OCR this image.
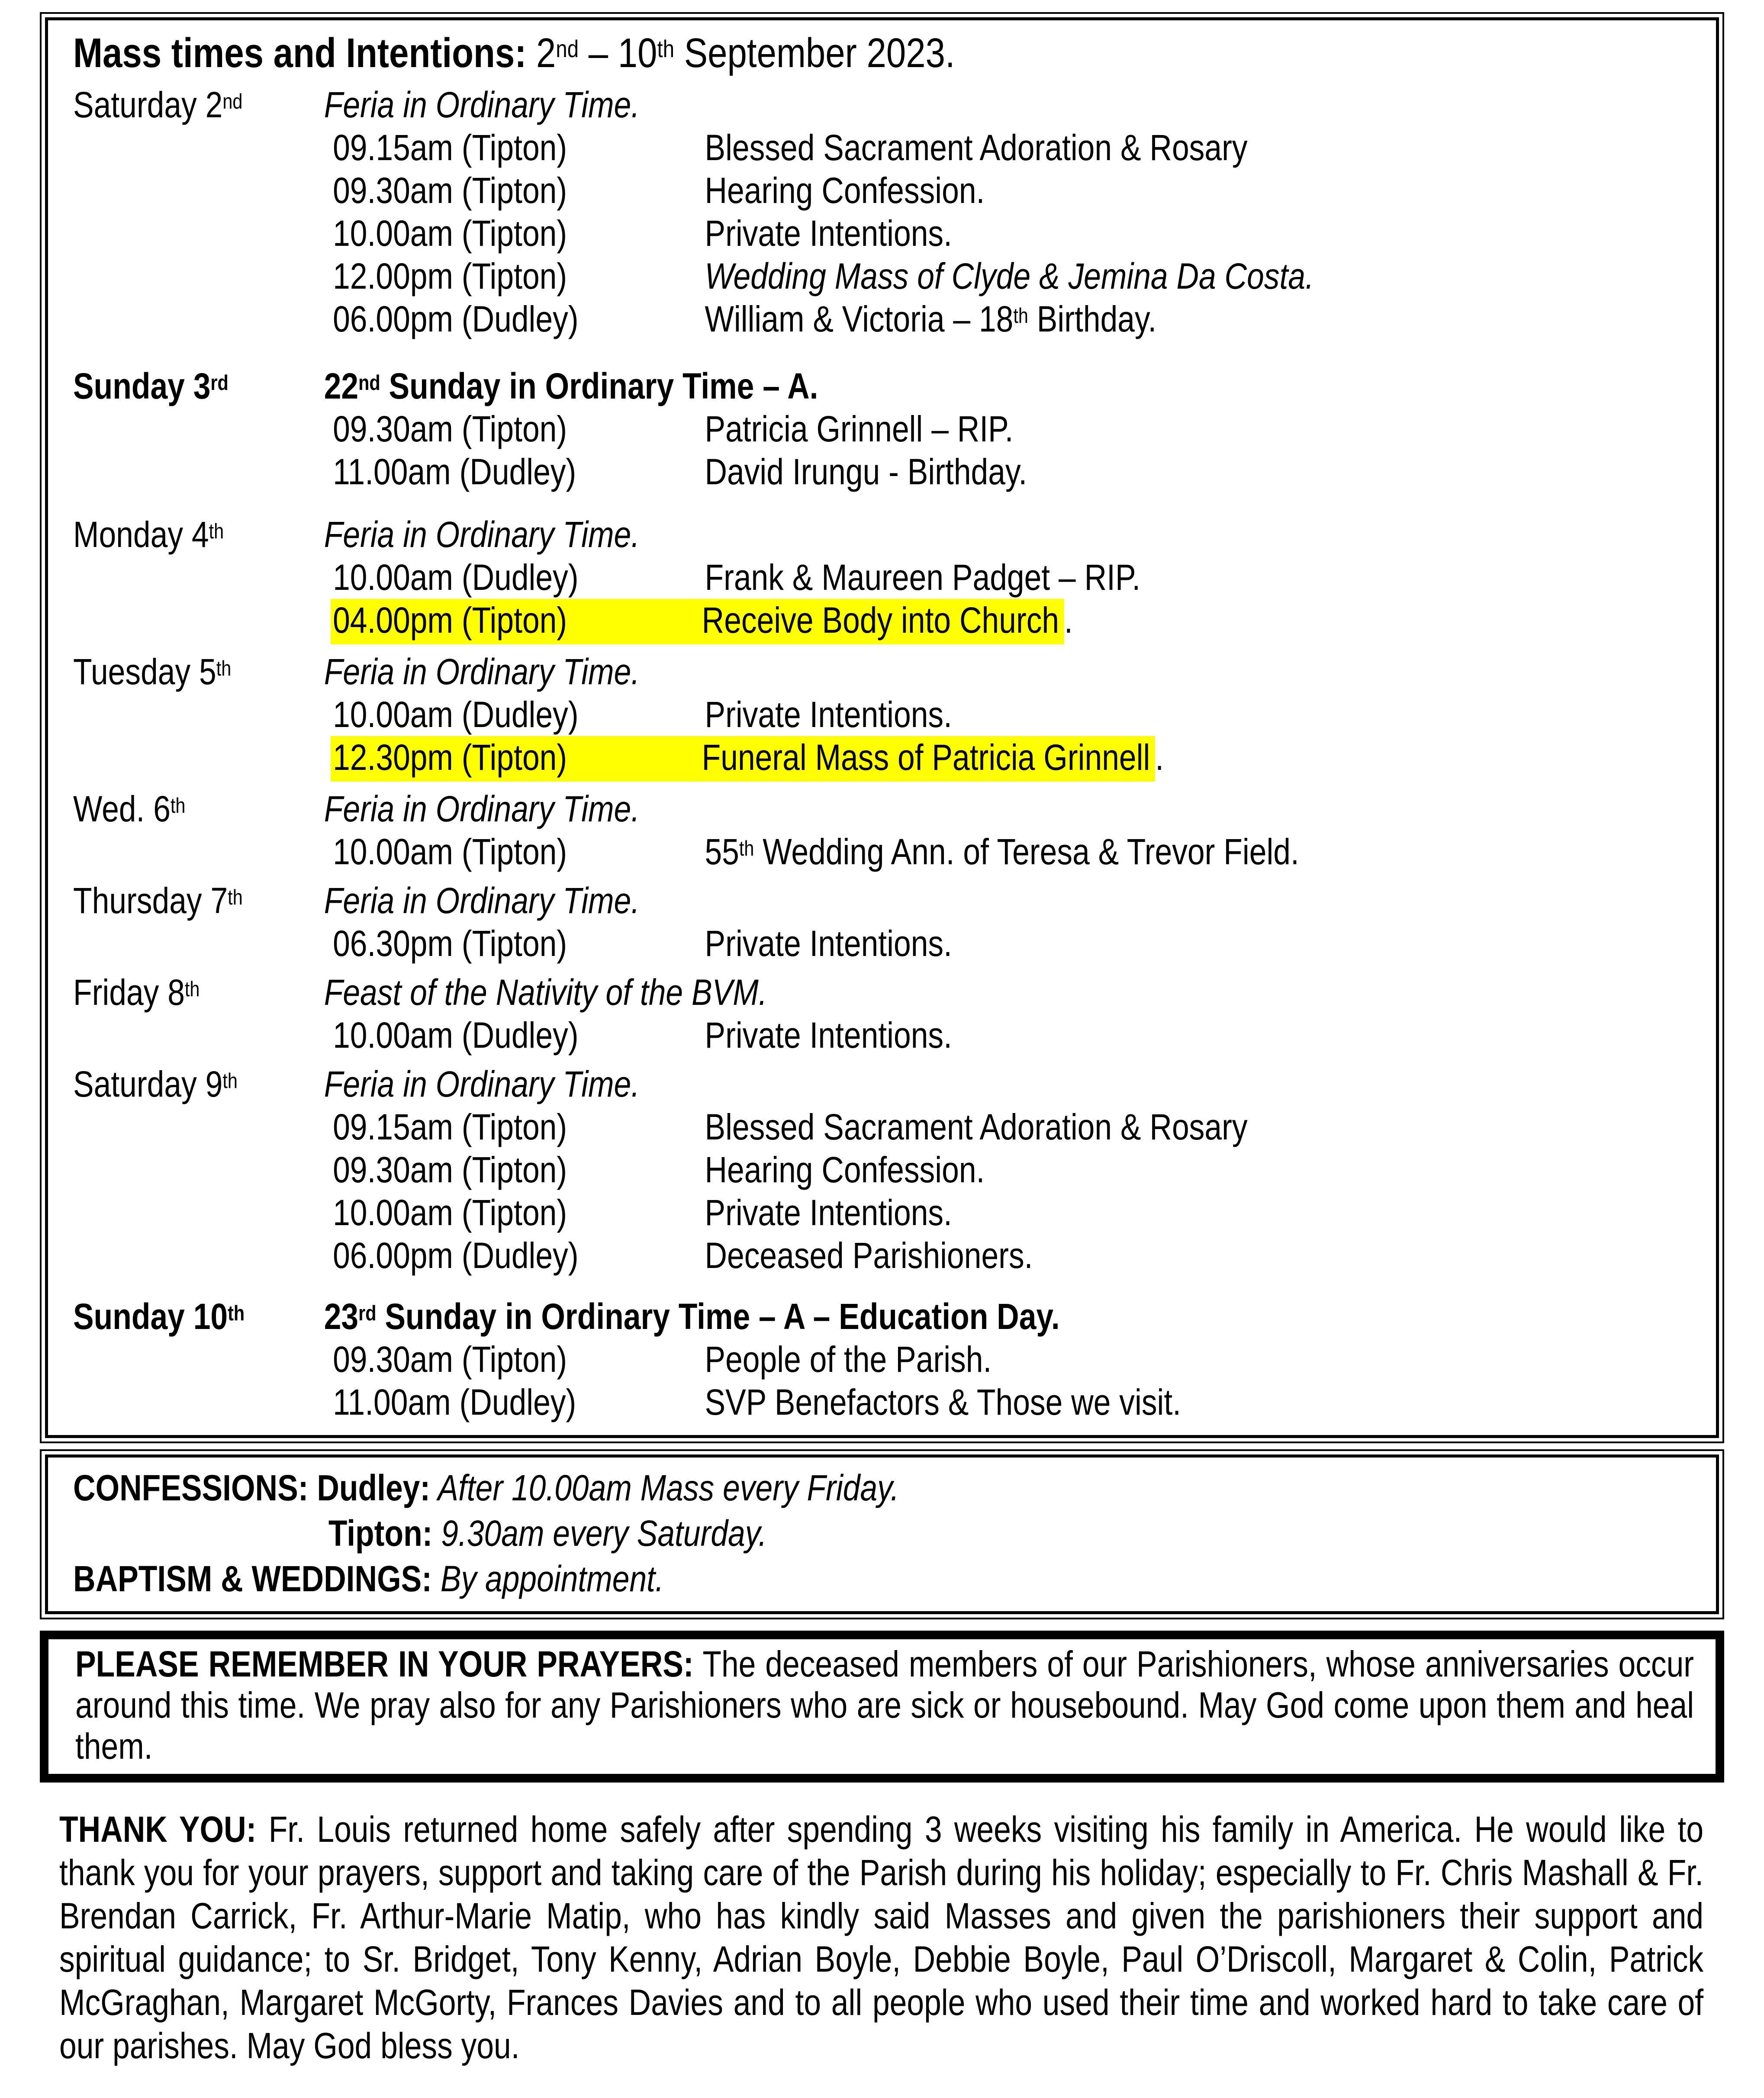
Mass times and Intentions: 2nd – 10th September 2023.
Saturday 2nd	Feria in Ordinary Time.
09.15am (Tipton)	Blessed Sacrament Adoration & Rosary
09.30am (Tipton)	Hearing Confession.
10.00am (Tipton)	Private Intentions.
12.00pm (Tipton)	Wedding Mass of Clyde & Jemina Da Costa.
06.00pm (Dudley)	William & Victoria – 18th Birthday.
Sunday 3rd	22nd Sunday in Ordinary Time – A.
09.30am (Tipton)	Patricia Grinnell – RIP.
11.00am (Dudley)	David Irungu - Birthday.
Monday 4th	Feria in Ordinary Time.
10.00am (Dudley)	Frank & Maureen Padget – RIP.
04.00pm (Tipton)	Receive Body into Church .
Tuesday 5th	Feria in Ordinary Time.
10.00am (Dudley)	Private Intentions.
12.30pm (Tipton)	Funeral Mass of Patricia Grinnell .
Wed. 6th	Feria in Ordinary Time.
10.00am (Tipton)	55th Wedding Ann. of Teresa & Trevor Field.
Thursday 7th	Feria in Ordinary Time.
06.30pm (Tipton)	Private Intentions.
Friday 8th	Feast of the Nativity of the BVM.
10.00am (Dudley)	Private Intentions.
Saturday 9th	Feria in Ordinary Time.
09.15am (Tipton)	Blessed Sacrament Adoration & Rosary
09.30am (Tipton)	Hearing Confession.
10.00am (Tipton)	Private Intentions.
06.00pm (Dudley)	Deceased Parishioners.
Sunday 10th	23rd Sunday in Ordinary Time – A – Education Day.
09.30am (Tipton)	People of the Parish.
11.00am (Dudley)	SVP Benefactors & Those we visit.
CONFESSIONS: Dudley: After 10.00am Mass every Friday.
Tipton: 9.30am every Saturday.
BAPTISM & WEDDINGS: By appointment.
PLEASE REMEMBER IN YOUR PRAYERS: The deceased members of our Parishioners, whose anniversaries occur around this time. We pray also for any Parishioners who are sick or housebound. May God come upon them and heal them.
THANK YOU: Fr. Louis returned home safely after spending 3 weeks visiting his family in America. He would like to thank you for your prayers, support and taking care of the Parish during his holiday; especially to Fr. Chris Mashall & Fr. Brendan Carrick, Fr. Arthur-Marie Matip, who has kindly said Masses and given the parishioners their support and spiritual guidance; to Sr. Bridget, Tony Kenny, Adrian Boyle, Debbie Boyle, Paul O’Driscoll, Margaret & Colin, Patrick McGraghan, Margaret McGorty, Frances Davies and to all people who used their time and worked hard to take care of our parishes. May God bless you.
